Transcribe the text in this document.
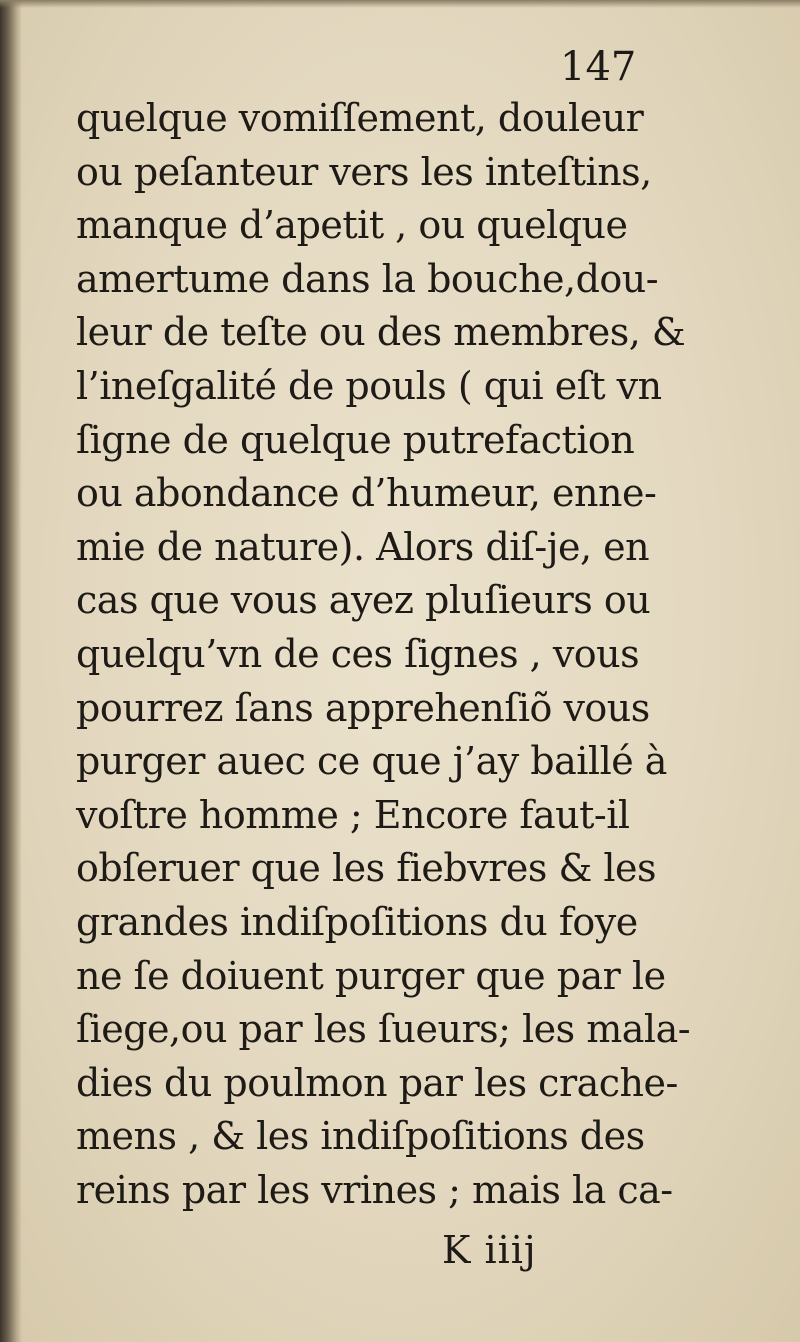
147
quelque vomiſſement, douleur
ou peſanteur vers les inteſtins,
manque d’apetit , ou quelque
amertume dans la bouche,dou-
leur de teſte ou des membres, &
l’ineſgalité de pouls ( qui eſt vn
ſigne de quelque putrefaction
ou abondance d’humeur, enne-
mie de nature). Alors diſ-je, en
cas que vous ayez pluſieurs ou
quelqu’vn de ces ſignes , vous
pourrez ſans apprehenſiõ vous
purger auec ce que j’ay baillé à
voſtre homme ; Encore faut-il
obſeruer que les fiebvres & les
grandes indiſpoſitions du foye
ne ſe doiuent purger que par le
ſiege,ou par les ſueurs; les mala-
dies du poulmon par les crache-
mens , & les indiſpoſitions des
reins par les vrines ; mais la ca-
K iiij
